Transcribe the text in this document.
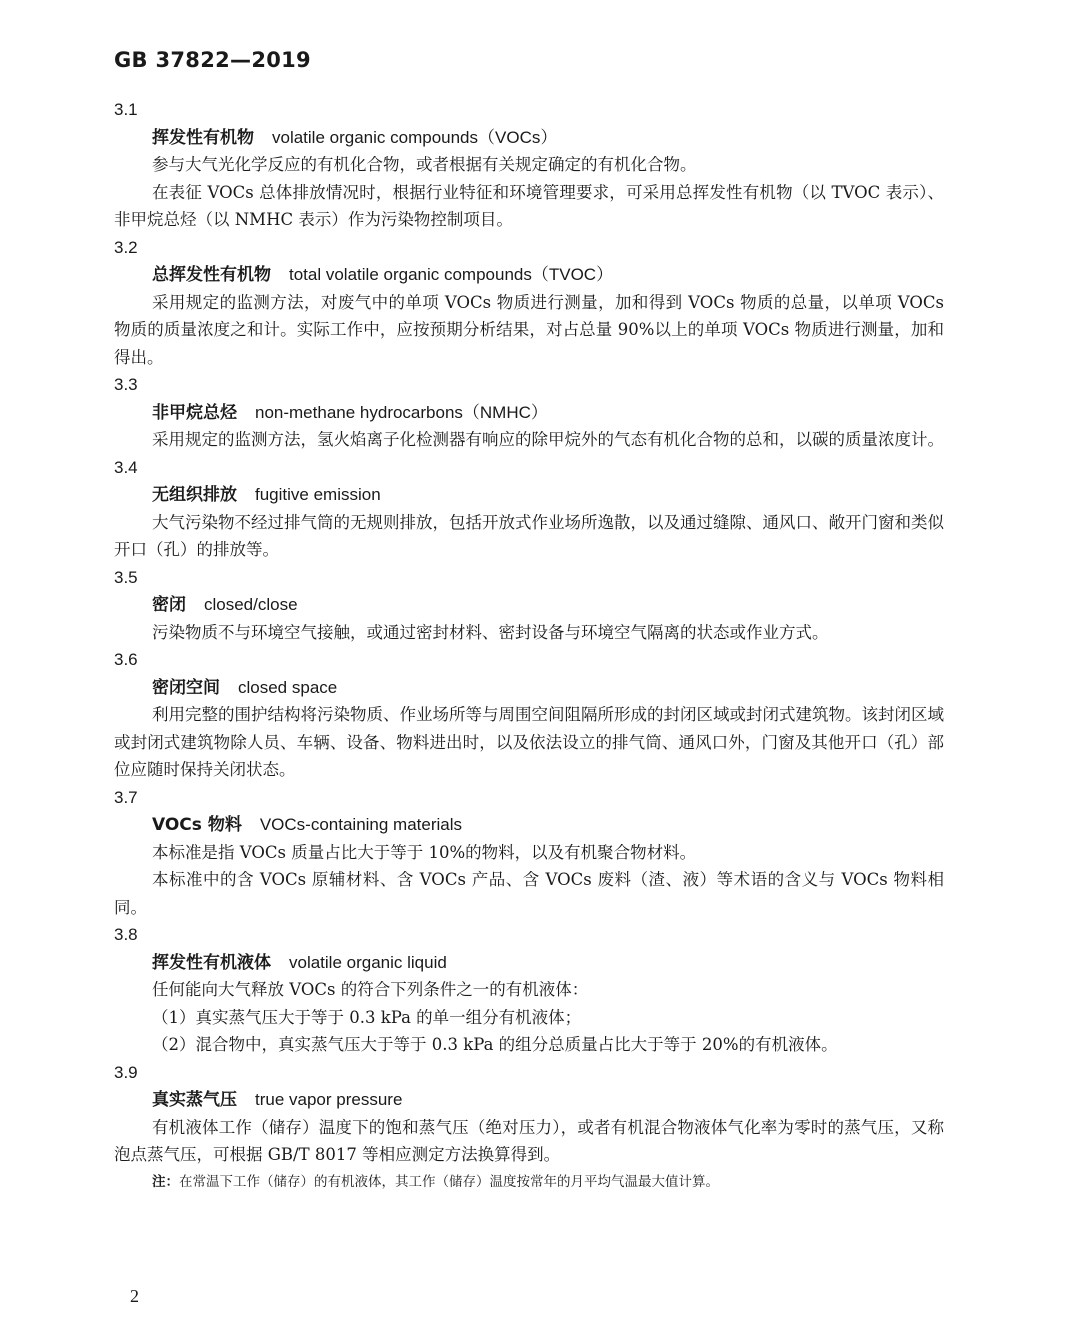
GB 37822—2019
3.1
挥发性有机物 volatile organic compounds（VOCs）

参与大气光化学反应的有机化合物，或者根据有关规定确定的有机化合物。

在表征 VOCs 总体排放情况时，根据行业特征和环境管理要求，可采用总挥发性有机物（以 TVOC 表示）、非甲烷总烃（以 NMHC 表示）作为污染物控制项目。

3.2
总挥发性有机物 total volatile organic compounds（TVOC）

采用规定的监测方法，对废气中的单项 VOCs 物质进行测量，加和得到 VOCs 物质的总量，以单项 VOCs 物质的质量浓度之和计。实际工作中，应按预期分析结果，对占总量 90%以上的单项 VOCs 物质进行测量，加和得出。

3.3
非甲烷总烃 non-methane hydrocarbons（NMHC）

采用规定的监测方法，氢火焰离子化检测器有响应的除甲烷外的气态有机化合物的总和，以碳的质量浓度计。

3.4
无组织排放 fugitive emission

大气污染物不经过排气筒的无规则排放，包括开放式作业场所逸散，以及通过缝隙、通风口、敞开门窗和类似开口（孔）的排放等。

3.5
密闭 closed/close

污染物质不与环境空气接触，或通过密封材料、密封设备与环境空气隔离的状态或作业方式。

3.6
密闭空间 closed space

利用完整的围护结构将污染物质、作业场所等与周围空间阻隔所形成的封闭区域或封闭式建筑物。该封闭区域或封闭式建筑物除人员、车辆、设备、物料进出时，以及依法设立的排气筒、通风口外，门窗及其他开口（孔）部位应随时保持关闭状态。

3.7
VOCs 物料 VOCs-containing materials

本标准是指 VOCs 质量占比大于等于 10%的物料，以及有机聚合物材料。

本标准中的含 VOCs 原辅材料、含 VOCs 产品、含 VOCs 废料（渣、液）等术语的含义与 VOCs 物料相同。

3.8
挥发性有机液体 volatile organic liquid

任何能向大气释放 VOCs 的符合下列条件之一的有机液体：

（1）真实蒸气压大于等于 0.3 kPa 的单一组分有机液体；

（2）混合物中，真实蒸气压大于等于 0.3 kPa 的组分总质量占比大于等于 20%的有机液体。

3.9
真实蒸气压 true vapor pressure

有机液体工作（储存）温度下的饱和蒸气压（绝对压力），或者有机混合物液体气化率为零时的蒸气压，又称泡点蒸气压，可根据 GB/T 8017 等相应测定方法换算得到。

注：在常温下工作（储存）的有机液体，其工作（储存）温度按常年的月平均气温最大值计算。

2
